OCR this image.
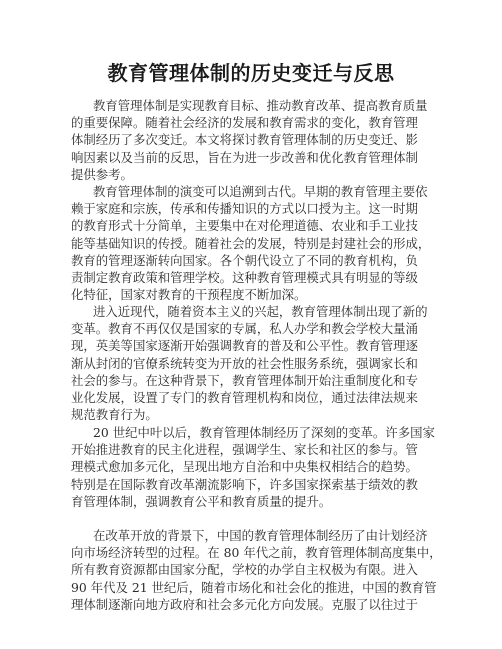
教育管理体制的历史变迁与反思
教育管理体制是实现教育目标、推动教育改革、提高教育质量
的重要保障。随着社会经济的发展和教育需求的变化，教育管理
体制经历了多次变迁。本文将探讨教育管理体制的历史变迁、影
响因素以及当前的反思，旨在为进一步改善和优化教育管理体制
提供参考。
教育管理体制的演变可以追溯到古代。早期的教育管理主要依
赖于家庭和宗族，传承和传播知识的方式以口授为主。这一时期
的教育形式十分简单，主要集中在对伦理道德、农业和手工业技
能等基础知识的传授。随着社会的发展，特别是封建社会的形成，
教育的管理逐渐转向国家。各个朝代设立了不同的教育机构，负
责制定教育政策和管理学校。这种教育管理模式具有明显的等级
化特征，国家对教育的干预程度不断加深。
进入近现代，随着资本主义的兴起，教育管理体制出现了新的
变革。教育不再仅仅是国家的专属，私人办学和教会学校大量涌
现，英美等国家逐渐开始强调教育的普及和公平性。教育管理逐
渐从封闭的官僚系统转变为开放的社会性服务系统，强调家长和
社会的参与。在这种背景下，教育管理体制开始注重制度化和专
业化发展，设置了专门的教育管理机构和岗位，通过法律法规来
规范教育行为。
20 世纪中叶以后，教育管理体制经历了深刻的变革。许多国家
开始推进教育的民主化进程，强调学生、家长和社区的参与。管
理模式愈加多元化，呈现出地方自治和中央集权相结合的趋势。
特别是在国际教育改革潮流影响下，许多国家探索基于绩效的教
育管理体制，强调教育公平和教育质量的提升。
在改革开放的背景下，中国的教育管理体制经历了由计划经济
向市场经济转型的过程。在 80 年代之前，教育管理体制高度集中，
所有教育资源都由国家分配，学校的办学自主权极为有限。进入
90 年代及 21 世纪后，随着市场化和社会化的推进，中国的教育管
理体制逐渐向地方政府和社会多元化方向发展。克服了以往过于
